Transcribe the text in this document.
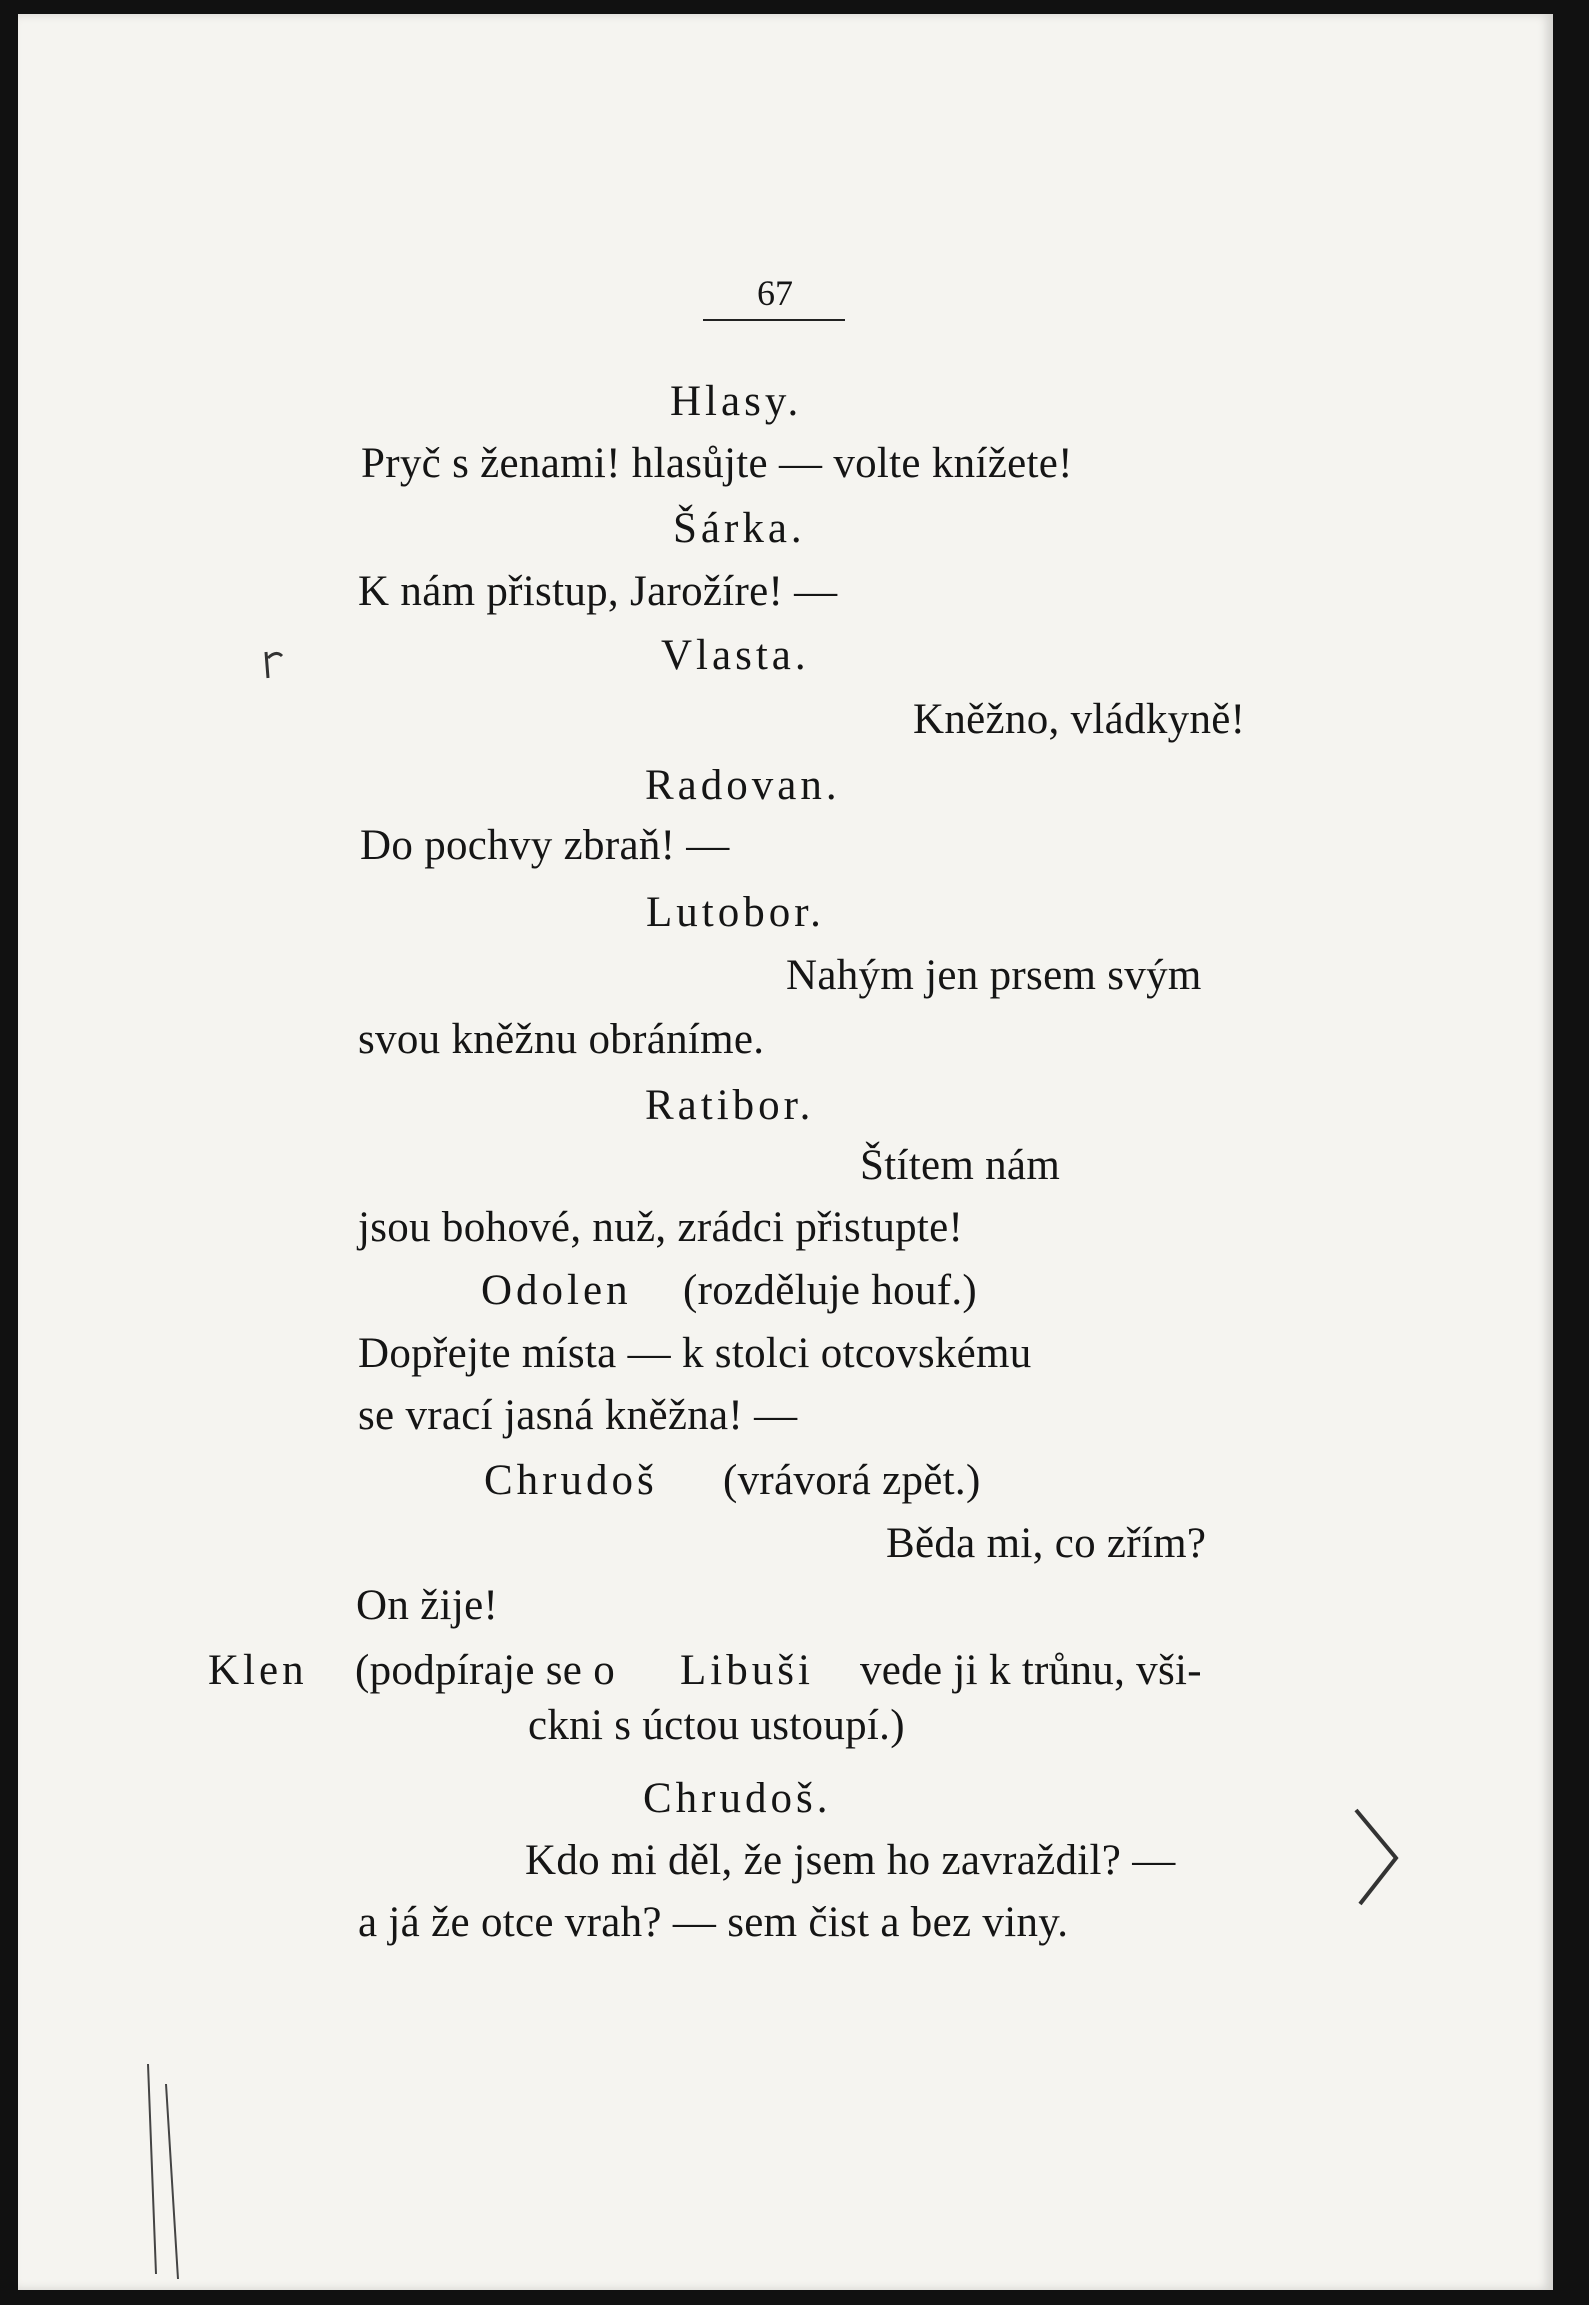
67
Hlasy.
Pryč s ženami! hlasůjte — volte knížete!
Šárka.
K nám přistup, Jarožíre! —
Vlasta.
Kněžno, vládkyně!
Radovan.
Do pochvy zbraň! —
Lutobor.
Nahým jen prsem svým
svou kněžnu obráníme.
Ratibor.
Štítem nám
jsou bohové, nuž, zrádci přistupte!
Odolen (rozděluje houf.)
Dopřejte místa — k stolci otcovskému
se vrací jasná kněžna! —
Chrudoš (vrávorá zpět.)
Běda mi, co zřím?
On žije!
Klen (podpíraje se o Libuši vede ji k trůnu, vši-
ckni s úctou ustoupí.)
Chrudoš.
Kdo mi děl, že jsem ho zavraždil? —
a já že otce vrah? — sem čist a bez viny.
